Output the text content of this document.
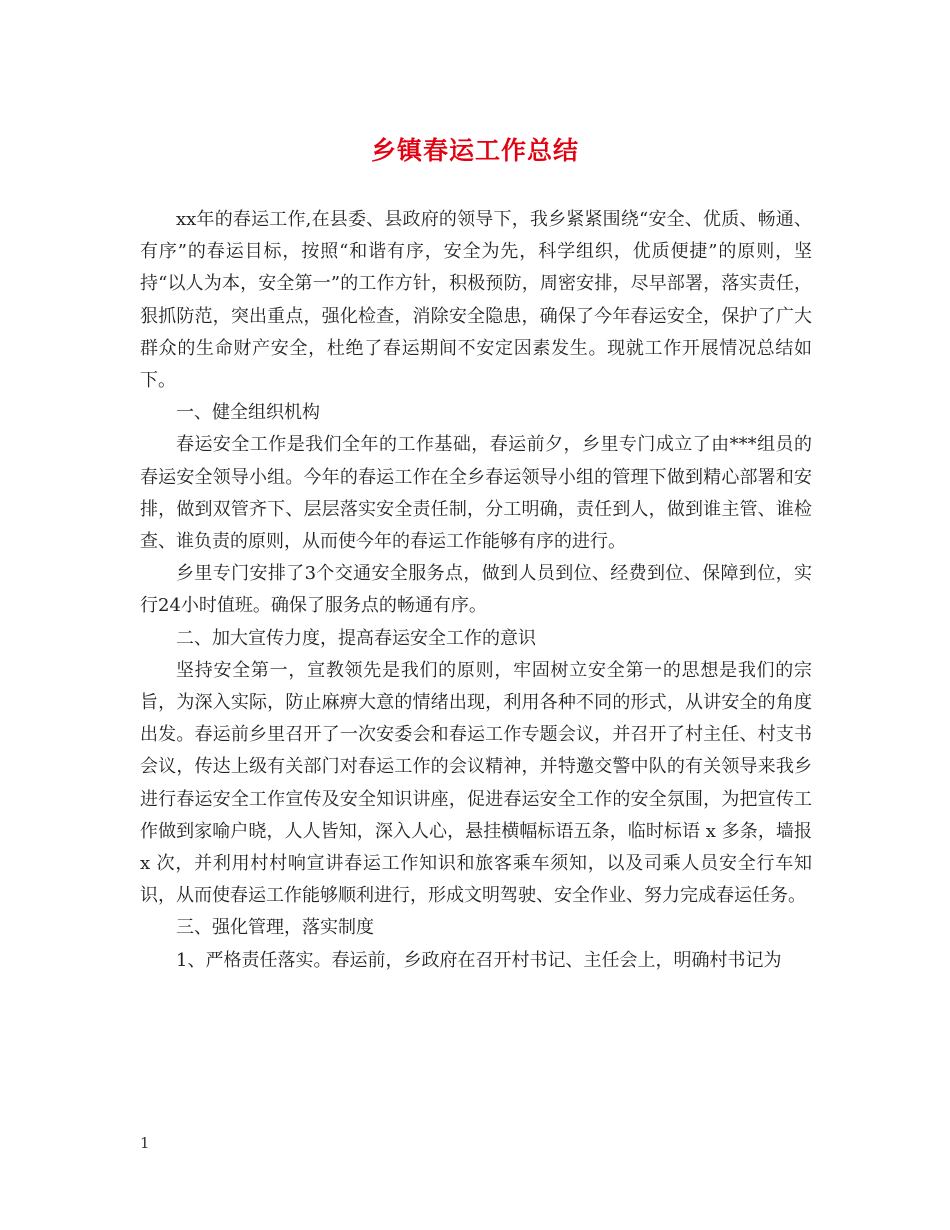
乡镇春运工作总结

xx年的春运工作,在县委、县政府的领导下，我乡紧紧围绕“安全、优质、畅通、有序”的春运目标，按照“和谐有序，安全为先，科学组织，优质便捷”的原则，坚持“以人为本，安全第一”的工作方针，积极预防，周密安排，尽早部署，落实责任，狠抓防范，突出重点，强化检查，消除安全隐患，确保了今年春运安全，保护了广大群众的生命财产安全，杜绝了春运期间不安定因素发生。现就工作开展情况总结如下。

一、健全组织机构

春运安全工作是我们全年的工作基础，春运前夕，乡里专门成立了由***组员的春运安全领导小组。今年的春运工作在全乡春运领导小组的管理下做到精心部署和安排，做到双管齐下、层层落实安全责任制，分工明确，责任到人，做到谁主管、谁检查、谁负责的原则，从而使今年的春运工作能够有序的进行。

乡里专门安排了3个交通安全服务点，做到人员到位、经费到位、保障到位，实行24小时值班。确保了服务点的畅通有序。

二、加大宣传力度，提高春运安全工作的意识

坚持安全第一，宣教领先是我们的原则，牢固树立安全第一的思想是我们的宗旨，为深入实际，防止麻痹大意的情绪出现，利用各种不同的形式，从讲安全的角度出发。春运前乡里召开了一次安委会和春运工作专题会议，并召开了村主任、村支书会议，传达上级有关部门对春运工作的会议精神，并特邀交警中队的有关领导来我乡进行春运安全工作宣传及安全知识讲座，促进春运安全工作的安全氛围，为把宣传工作做到家喻户晓，人人皆知，深入人心，悬挂横幅标语五条，临时标语 x 多条，墙报 x 次，并利用村村响宣讲春运工作知识和旅客乘车须知，以及司乘人员安全行车知识，从而使春运工作能够顺利进行，形成文明驾驶、安全作业、努力完成春运任务。

三、强化管理，落实制度

1、严格责任落实。春运前，乡政府在召开村书记、主任会上，明确村书记为

1
